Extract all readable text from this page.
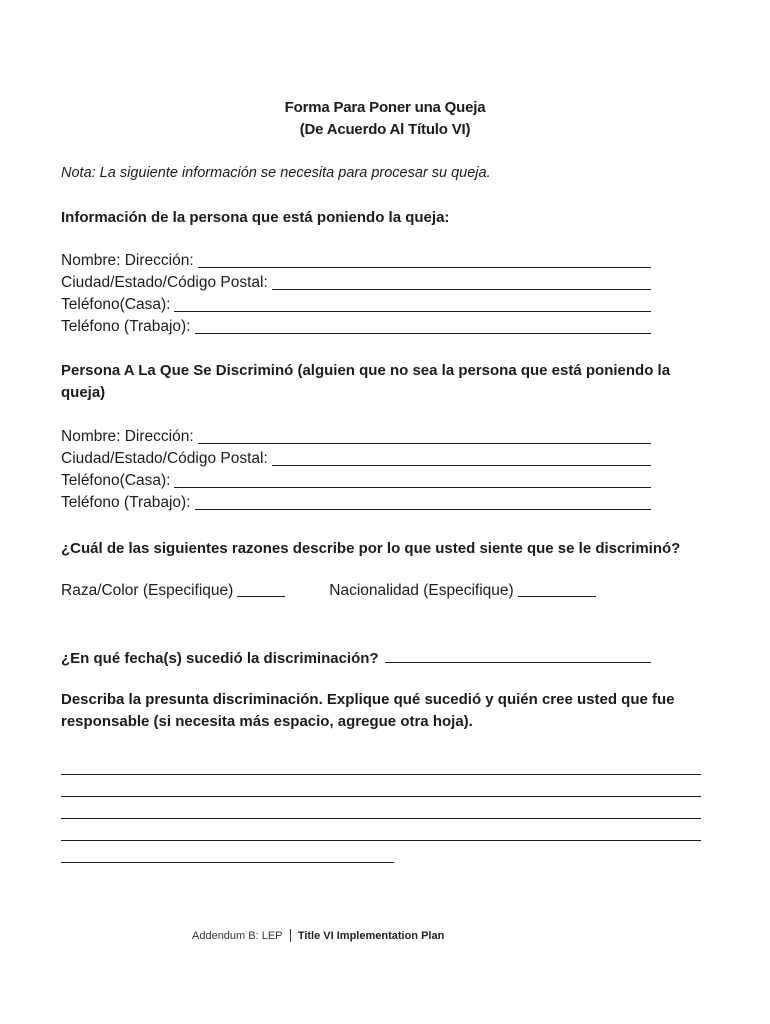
Forma Para Poner una Queja
(De Acuerdo Al Título VI)
Nota: La siguiente información se necesita para procesar su queja.
Información de la persona que está poniendo la queja:
Nombre: Dirección:
Ciudad/Estado/Código Postal:
Teléfono(Casa):
Teléfono (Trabajo):
Persona A La Que Se Discriminó (alguien que no sea la persona que está poniendo la queja)
Nombre: Dirección:
Ciudad/Estado/Código Postal:
Teléfono(Casa):
Teléfono (Trabajo):
¿Cuál de las siguientes razones describe por lo que usted siente que se le discriminó?
Raza/Color (Especifique)	Nacionalidad (Especifique)
¿En qué fecha(s) sucedió la discriminación?
Describa la presunta discriminación. Explique qué sucedió y quién cree usted que fue responsable (si necesita más espacio, agregue otra hoja).
Addendum B: LEP Title VI Implementation Plan
